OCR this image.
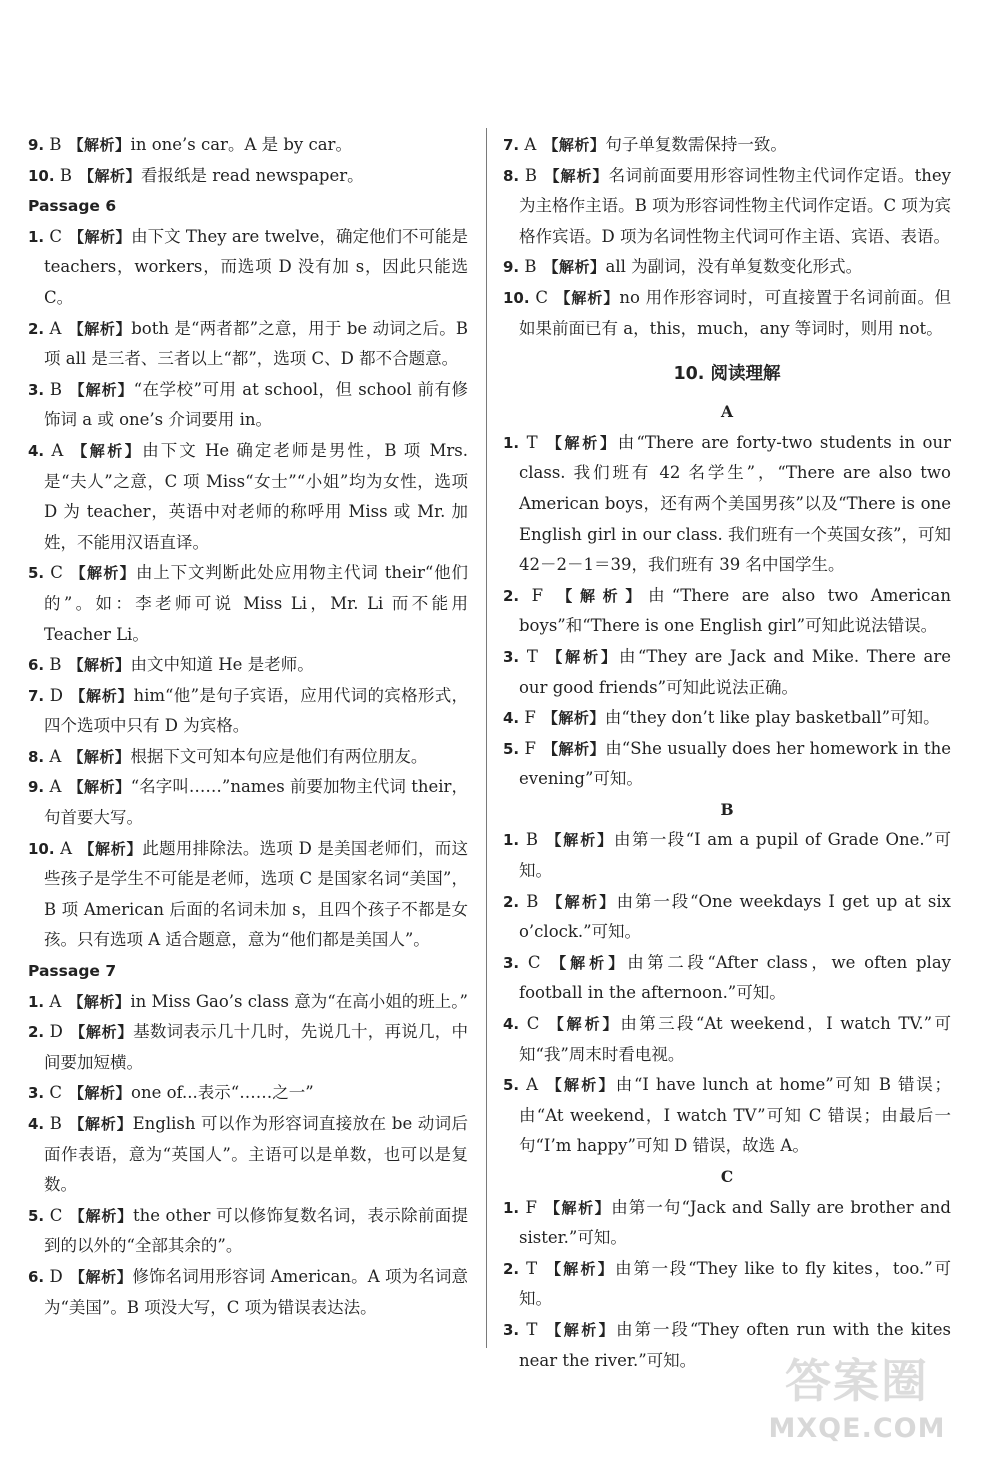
9. B 【解析】in one’s car。A 是 by car。

10. B 【解析】看报纸是 read newspaper。

Passage 6

1. C 【解析】由下文 They are twelve，确定他们不可能是 teachers，workers，而选项 D 没有加 s，因此只能选 C。

2. A 【解析】both 是“两者都”之意，用于 be 动词之后。B 项 all 是三者、三者以上“都”，选项 C、D 都不合题意。

3. B 【解析】“在学校”可用 at school，但 school 前有修饰词 a 或 one’s 介词要用 in。

4. A 【解析】由下文 He 确定老师是男性，B 项 Mrs. 是“夫人”之意，C 项 Miss“女士”“小姐”均为女性，选项 D 为 teacher，英语中对老师的称呼用 Miss 或 Mr. 加姓，不能用汉语直译。

5. C 【解析】由上下文判断此处应用物主代词 their“他们的”。如：李老师可说 Miss Li，Mr. Li 而不能用 Teacher Li。

6. B 【解析】由文中知道 He 是老师。

7. D 【解析】him“他”是句子宾语，应用代词的宾格形式，四个选项中只有 D 为宾格。

8. A 【解析】根据下文可知本句应是他们有两位朋友。

9. A 【解析】“名字叫……”names 前要加物主代词 their，句首要大写。

10. A 【解析】此题用排除法。选项 D 是美国老师们，而这些孩子是学生不可能是老师，选项 C 是国家名词“美国”，B 项 American 后面的名词未加 s，且四个孩子不都是女孩。只有选项 A 适合题意，意为“他们都是美国人”。

Passage 7

1. A 【解析】in Miss Gao’s class 意为“在高小姐的班上。”

2. D 【解析】基数词表示几十几时，先说几十，再说几，中间要加短横。

3. C 【解析】one of...表示“……之一”

4. B 【解析】English 可以作为形容词直接放在 be 动词后面作表语，意为“英国人”。主语可以是单数，也可以是复数。

5. C 【解析】the other 可以修饰复数名词，表示除前面提到的以外的“全部其余的”。

6. D 【解析】修饰名词用形容词 American。A 项为名词意为“美国”。B 项没大写，C 项为错误表达法。

7. A 【解析】句子单复数需保持一致。

8. B 【解析】名词前面要用形容词性物主代词作定语。they 为主格作主语。B 项为形容词性物主代词作定语。C 项为宾格作宾语。D 项为名词性物主代词可作主语、宾语、表语。

9. B 【解析】all 为副词，没有单复数变化形式。

10. C 【解析】no 用作形容词时，可直接置于名词前面。但如果前面已有 a，this，much，any 等词时，则用 not。

10. 阅读理解

A

1. T 【解析】由“There are forty-two students in our class. 我们班有 42 名学生”，“There are also two American boys，还有两个美国男孩”以及“There is one English girl in our class. 我们班有一个英国女孩”，可知 42－2－1＝39，我们班有 39 名中国学生。

2. F 【解析】由“There are also two American boys”和“There is one English girl”可知此说法错误。

3. T 【解析】由“They are Jack and Mike. There are our good friends”可知此说法正确。

4. F 【解析】由“they don’t like play basketball”可知。

5. F 【解析】由“She usually does her homework in the evening”可知。

B

1. B 【解析】由第一段“I am a pupil of Grade One.”可知。

2. B 【解析】由第一段“One weekdays I get up at six o’clock.”可知。

3. C 【解析】由第二段“After class，we often play football in the afternoon.”可知。

4. C 【解析】由第三段“At weekend，I watch TV.”可知“我”周末时看电视。

5. A 【解析】由“I have lunch at home”可知 B 错误；由“At weekend，I watch TV”可知 C 错误；由最后一句“I’m happy”可知 D 错误，故选 A。

C

1. F 【解析】由第一句“Jack and Sally are brother and sister.”可知。

2. T 【解析】由第一段“They like to fly kites，too.”可知。

3. T 【解析】由第一段“They often run with the kites near the river.”可知。	答案圈
MXQE.COM
